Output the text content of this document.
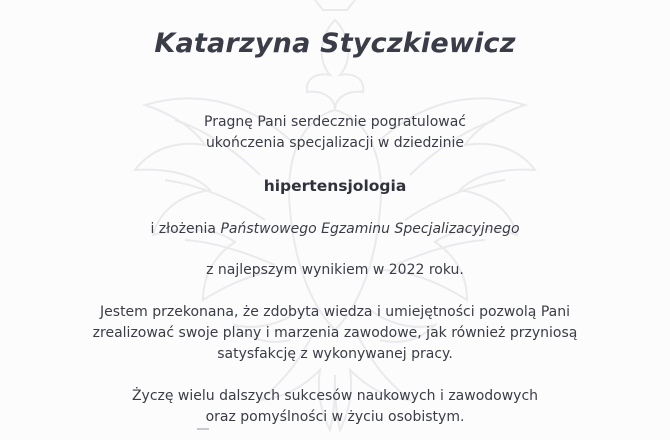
Katarzyna Styczkiewicz
Pragnę Pani serdecznie pogratulować
ukończenia specjalizacji w dziedzinie
hipertensjologia
i złożenia Państwowego Egzaminu Specjalizacyjnego
z najlepszym wynikiem w 2022 roku.
Jestem przekonana, że zdobyta wiedza i umiejętności pozwolą Pani
zrealizować swoje plany i marzenia zawodowe, jak również przyniosą
satysfakcję z wykonywanej pracy.
Życzę wielu dalszych sukcesów naukowych i zawodowych
oraz pomyślności w życiu osobistym.
